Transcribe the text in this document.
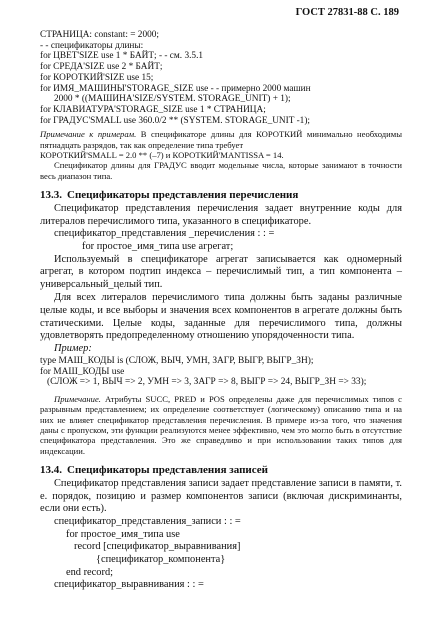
ГОСТ 27831-88 С. 189
СТРАНИЦА: constant: = 2000;
- - спецификаторы длины:
for ЦВЕТ'SIZE use 1 * БАЙТ; - - см. 3.5.1
for СРЕДА'SIZE use 2 * БАЙТ;
for КОРОТКИЙ'SIZE use 15;
for ИМЯ_МАШИНЫ'STORAGE_SIZE use - - примерно 2000 машин
2000 * ((МАШИНА'SIZE/SYSTEM. STORAGE_UNIT) + 1);
for КЛАВИАТУРА'STORAGE_SIZE use 1 * СТРАНИЦА;
for ГРАДУС'SMALL use 360.0/2 ** (SYSTEM. STORAGE_UNIT -1);

Примечание к примерам. В спецификаторе длины для КОРОТКИЙ минимально необходимы пятнадцать разрядов, так как определение типа требует

КОРОТКИЙ'SMALL = 2.0 ** (–7) и КОРОТКИЙ'MANTISSA = 14.

Спецификатор длины для ГРАДУС вводит модельные числа, которые занимают в точности весь диапазон типа.

13.3. Спецификаторы представления перечисления

Спецификатор представления перечисления задает внутренние коды для литералов перечислимого типа, указанного в спецификаторе.

спецификатор_представления _перечисления : : =
for простое_имя_типа use агрегат;

Используемый в спецификаторе агрегат записывается как одномерный агрегат, в котором подтип индекса – перечислимый тип, а тип компонента – универсальный_целый тип.

Для всех литералов перечислимого типа должны быть заданы различные целые коды, и все выборы и значения всех компонентов в агрегате должны быть статическими. Целые коды, заданные для перечислимого типа, должны удовлетворять предопределенному отношению упорядоченности типа.

Пример:

type МАШ_КОДЫ is (СЛОЖ, ВЫЧ, УМН, ЗАГР, ВЫГР, ВЫГР_ЗН);
for МАШ_КОДЫ use
(СЛОЖ => 1, ВЫЧ => 2, УМН => 3, ЗАГР => 8, ВЫГР => 24, ВЫГР_ЗН => 33);

Примечание. Атрибуты SUCC, PRED и POS определены даже для перечислимых типов с разрывным представлением; их определение соответствует (логическому) описанию типа и на них не влияет спецификатор представления перечисления. В примере из-за того, что значения даны с пропуском, эти функции реализуются менее эффективно, чем это могло быть в отсутствие спецификатора представления. Это же справедливо и при использовании таких типов для индексации.

13.4. Спецификаторы представления записей

Спецификатор представления записи задает представление записи в памяти, т. е. порядок, позицию и размер компонентов записи (включая дискриминанты, если они есть).

спецификатор_представления_записи : : =
for простое_имя_типа use
record [спецификатор_выравнивания]
{спецификатор_компонента}
end record;
спецификатор_выравнивания : : =
